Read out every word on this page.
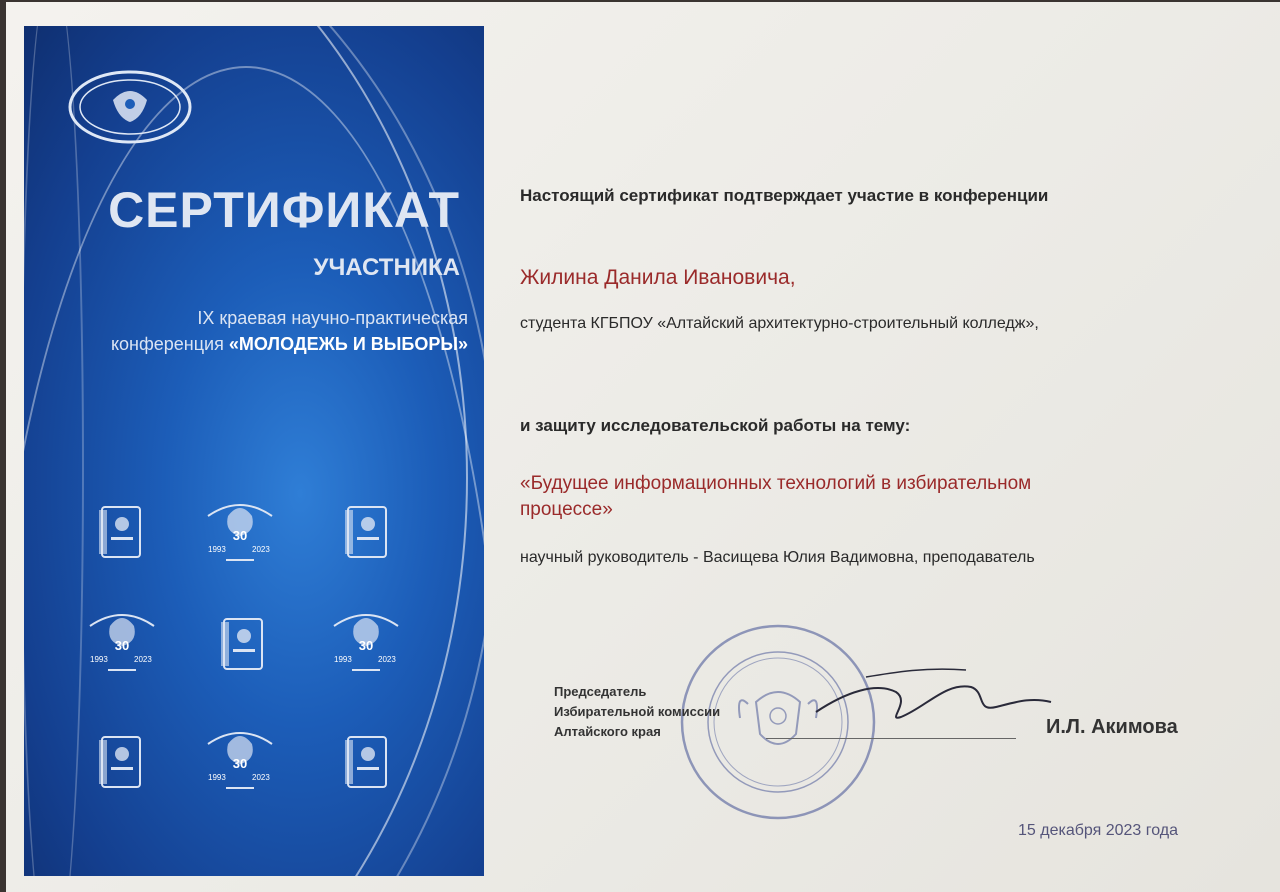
СЕРТИФИКАТ
УЧАСТНИКА
IX краевая научно-практическая
конференция «МОЛОДЕЖЬ И ВЫБОРЫ»
30
1993	2023
30
1993	2023
30
1993	2023
30
1993	2023
Настоящий сертификат подтверждает участие в конференции
Жилина Данила Ивановича,
студента КГБПОУ «Алтайский архитектурно-строительный колледж»,
и защиту исследовательской работы на тему:
«Будущее информационных технологий в избирательном
процессе»
научный руководитель - Васищева Юлия Вадимовна, преподаватель
Председатель
Избирательной комиссии
Алтайского края	И.Л. Акимова
15 декабря 2023 года
